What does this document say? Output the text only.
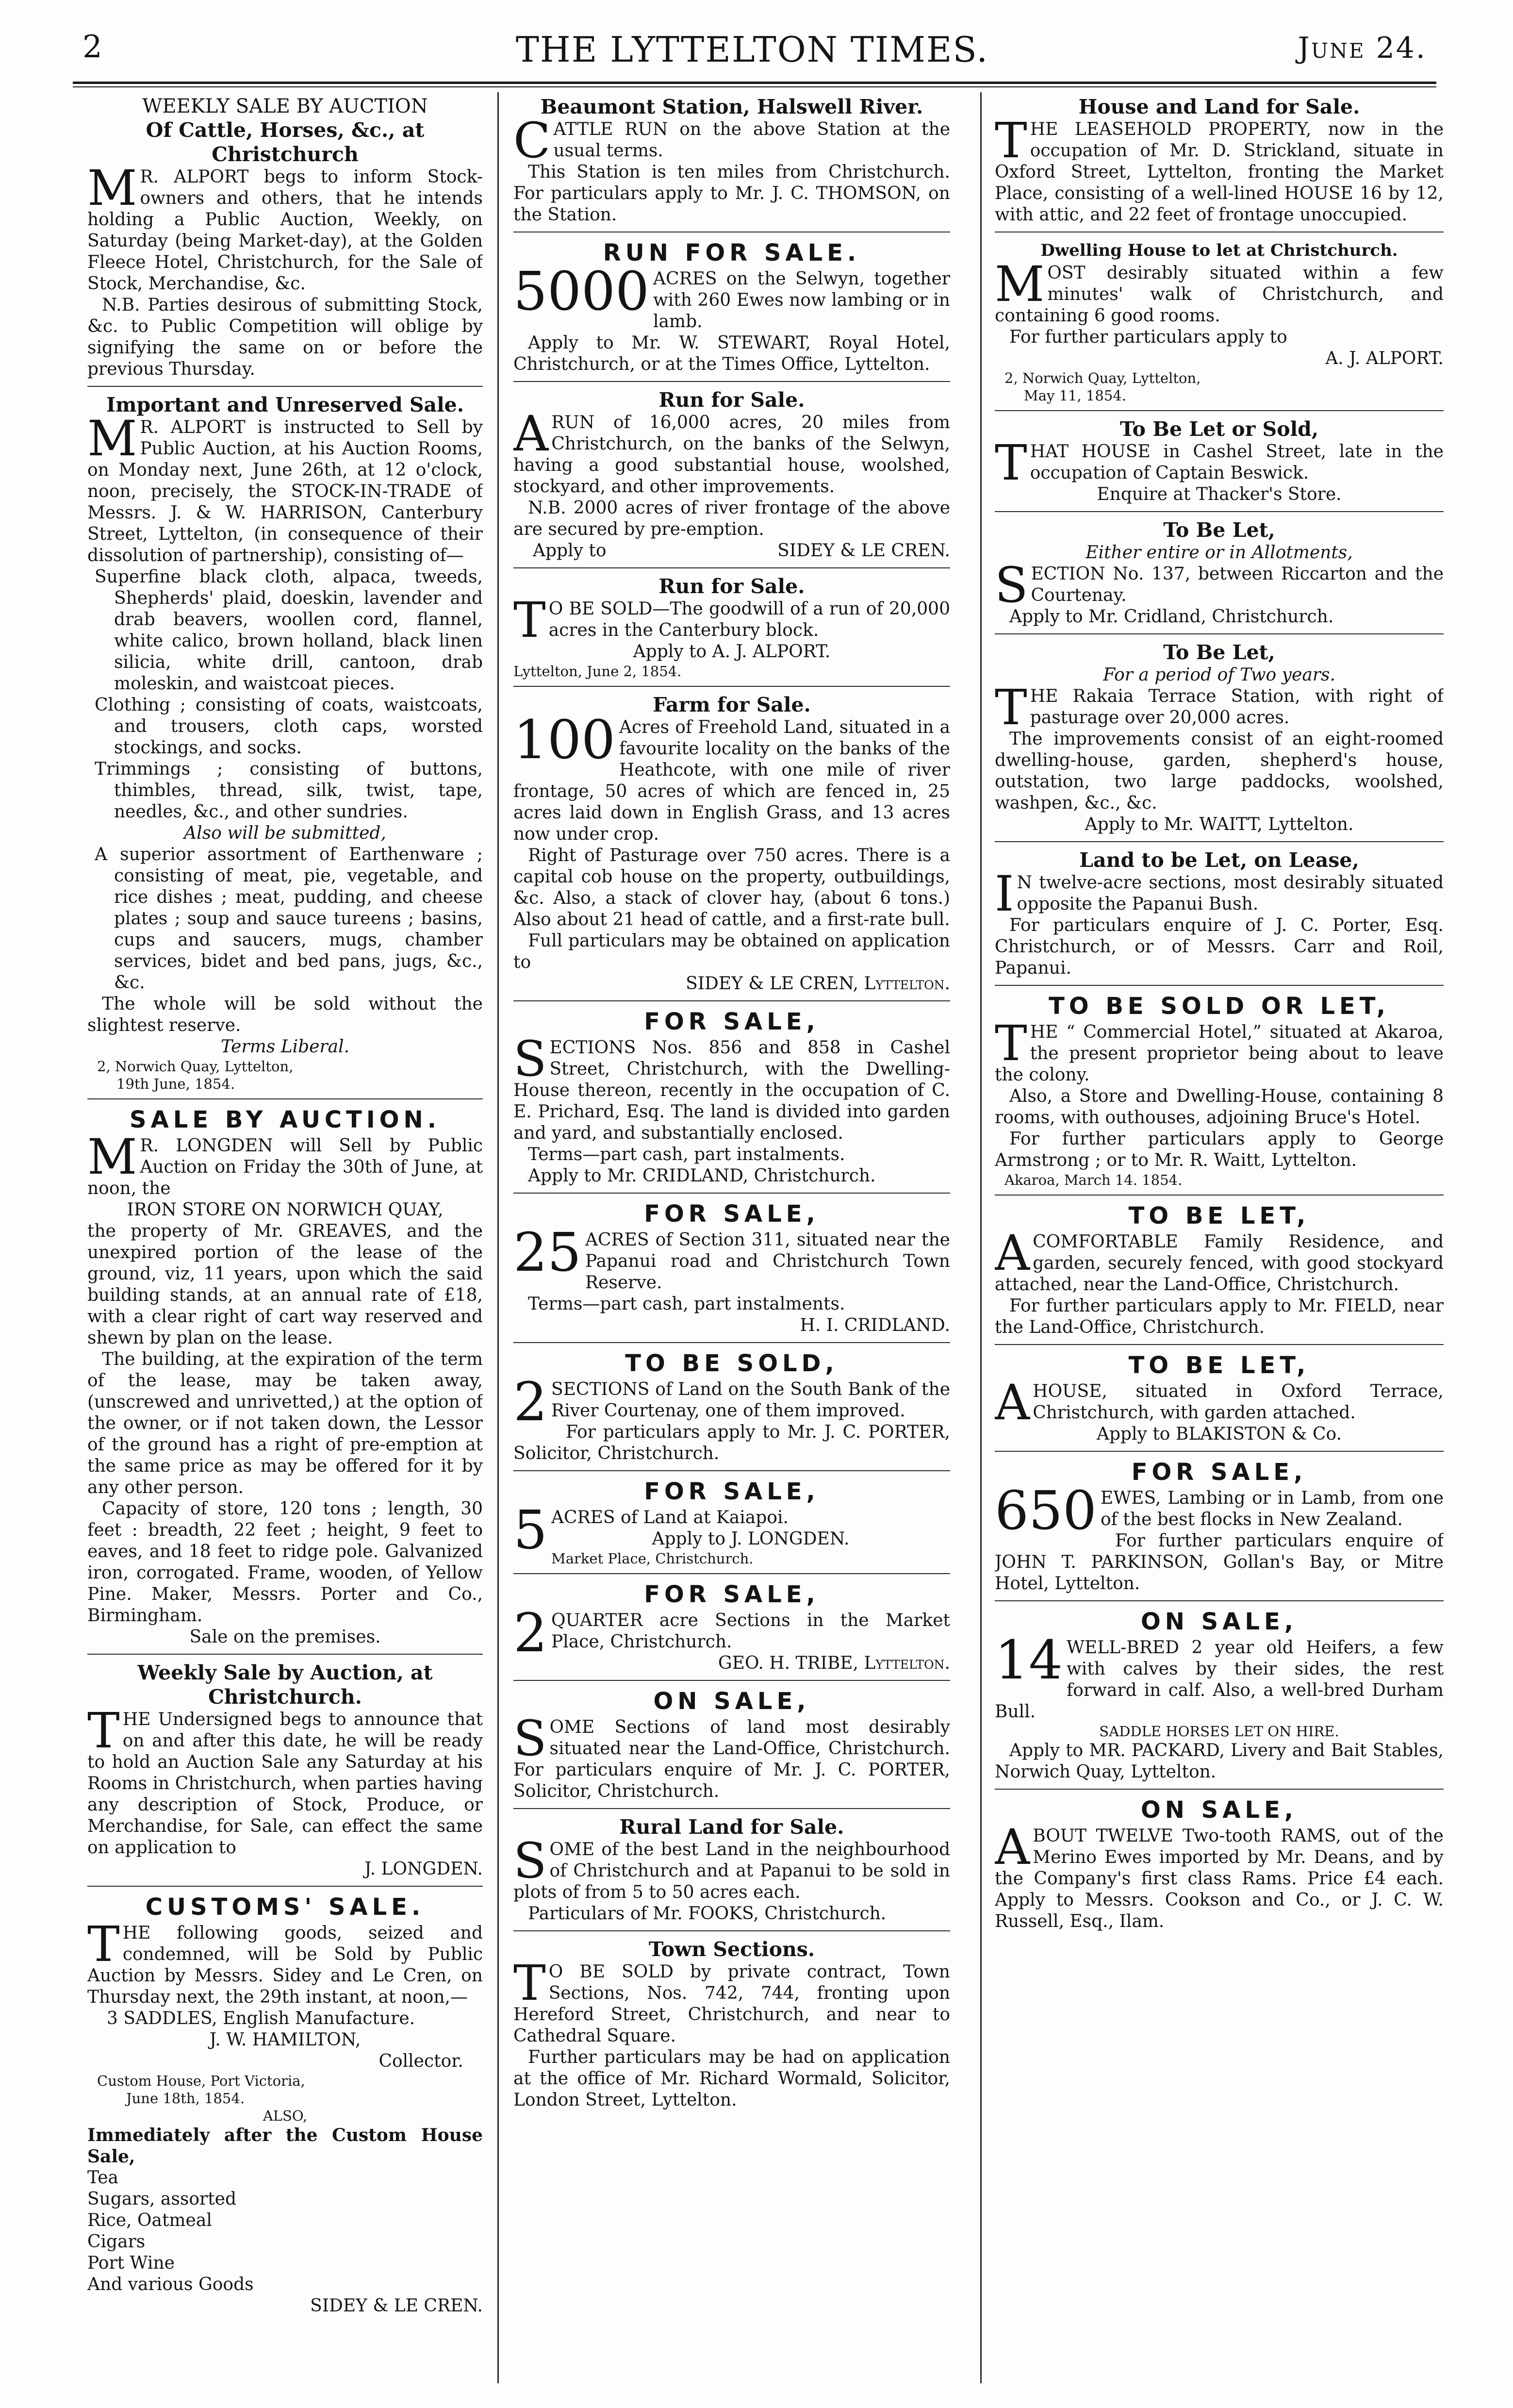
2	THE LYTTELTON TIMES.	June 24.
WEEKLY SALE BY AUCTION
Of Cattle, Horses, &c., at Christchurch

M R. ALPORT begs to inform Stock-owners and others, that he intends holding a Public Auction, Weekly, on Saturday (being Market-day), at the Golden Fleece Hotel, Christchurch, for the Sale of Stock, Merchandise, &c.

N.B. Parties desirous of submitting Stock, &c. to Public Competition will oblige by signifying the same on or before the previous Thursday.

Important and Unreserved Sale.

M R. ALPORT is instructed to Sell by Public Auction, at his Auction Rooms, on Monday next, June 26th, at 12 o'clock, noon, precisely, the STOCK-IN-TRADE of Messrs. J. & W. HARRISON, Canterbury Street, Lyttelton, (in consequence of their dissolution of partnership), consisting of—

Superfine black cloth, alpaca, tweeds, Shepherds' plaid, doeskin, lavender and drab beavers, woollen cord, flannel, white calico, brown holland, black linen silicia, white drill, cantoon, drab moleskin, and waistcoat pieces.

Clothing ; consisting of coats, waistcoats, and trousers, cloth caps, worsted stockings, and socks.

Trimmings ; consisting of buttons, thimbles, thread, silk, twist, tape, needles, &c., and other sundries.

Also will be submitted,

A superior assortment of Earthenware ; consisting of meat, pie, vegetable, and rice dishes ; meat, pudding, and cheese plates ; soup and sauce tureens ; basins, cups and saucers, mugs, chamber services, bidet and bed pans, jugs, &c., &c.

The whole will be sold without the slightest reserve.

Terms Liberal.

2, Norwich Quay, Lyttelton,

19th June, 1854.

SALE BY AUCTION.

M R. LONGDEN will Sell by Public Auction on Friday the 30th of June, at noon, the

IRON STORE ON NORWICH QUAY,

the property of Mr. GREAVES, and the unexpired portion of the lease of the ground, viz, 11 years, upon which the said building stands, at an annual rate of £18, with a clear right of cart way reserved and shewn by plan on the lease.

The building, at the expiration of the term of the lease, may be taken away, (unscrewed and unrivetted,) at the option of the owner, or if not taken down, the Lessor of the ground has a right of pre-emption at the same price as may be offered for it by any other person.

Capacity of store, 120 tons ; length, 30 feet : breadth, 22 feet ; height, 9 feet to eaves, and 18 feet to ridge pole. Galvanized iron, corrogated. Frame, wooden, of Yellow Pine. Maker, Messrs. Porter and Co., Birmingham.

Sale on the premises.

Weekly Sale by Auction, at Christchurch.

THE Undersigned begs to announce that on and after this date, he will be ready to hold an Auction Sale any Saturday at his Rooms in Christchurch, when parties having any description of Stock, Produce, or Merchandise, for Sale, can effect the same on application to

J. LONGDEN.

CUSTOMS' SALE.

THE following goods, seized and condemned, will be Sold by Public Auction by Messrs. Sidey and Le Cren, on Thursday next, the 29th instant, at noon,—

3 SADDLES, English Manufacture.

J. W. HAMILTON,

Collector.

Custom House, Port Victoria,

June 18th, 1854.

ALSO,

Immediately after the Custom House Sale,

Tea

Sugars, assorted

Rice, Oatmeal

Cigars

Port Wine

And various Goods

SIDEY & LE CREN.

Beaumont Station, Halswell River.

CATTLE RUN on the above Station at the usual terms.

This Station is ten miles from Christchurch. For particulars apply to Mr. J. C. THOMSON, on the Station.

RUN FOR SALE.

5000 ACRES on the Selwyn, together with 260 Ewes now lambing or in lamb.

Apply to Mr. W. STEWART, Royal Hotel, Christchurch, or at the Times Office, Lyttelton.

Run for Sale.

ARUN of 16,000 acres, 20 miles from Christchurch, on the banks of the Selwyn, having a good substantial house, woolshed, stockyard, and other improvements.

N.B. 2000 acres of river frontage of the above are secured by pre-emption.

Apply to	SIDEY & LE CREN.

Run for Sale.

T O BE SOLD—The goodwill of a run of 20,000 acres in the Canterbury block.

Apply to A. J. ALPORT.

Lyttelton, June 2, 1854.

Farm for Sale.

100 Acres of Freehold Land, situated in a favourite locality on the banks of the Heathcote, with one mile of river frontage, 50 acres of which are fenced in, 25 acres laid down in English Grass, and 13 acres now under crop.

Right of Pasturage over 750 acres. There is a capital cob house on the property, outbuildings, &c. Also, a stack of clover hay, (about 6 tons.) Also about 21 head of cattle, and a first-rate bull.

Full particulars may be obtained on application to

SIDEY & LE CREN, Lyttelton.

FOR SALE,

SECTIONS Nos. 856 and 858 in Cashel Street, Christchurch, with the Dwelling-House thereon, recently in the occupation of C. E. Prichard, Esq. The land is divided into garden and yard, and substantially enclosed.

Terms—part cash, part instalments.

Apply to Mr. CRIDLAND, Christchurch.

FOR SALE,

25 ACRES of Section 311, situated near the Papanui road and Christchurch Town Reserve.

Terms—part cash, part instalments.

H. I. CRIDLAND.

TO BE SOLD,

2 SECTIONS of Land on the South Bank of the River Courtenay, one of them improved.

For particulars apply to Mr. J. C. PORTER, Solicitor, Christchurch.

FOR SALE,

5 ACRES of Land at Kaiapoi.

Apply to J. LONGDEN.

Market Place, Christchurch.

FOR SALE,

2 QUARTER acre Sections in the Market Place, Christchurch.

GEO. H. TRIBE, Lyttelton.

ON SALE,

SOME Sections of land most desirably situated near the Land-Office, Christchurch. For particulars enquire of Mr. J. C. PORTER, Solicitor, Christchurch.

Rural Land for Sale.

SOME of the best Land in the neighbourhood of Christchurch and at Papanui to be sold in plots of from 5 to 50 acres each.

Particulars of Mr. FOOKS, Christchurch.

Town Sections.

T O BE SOLD by private contract, Town Sections, Nos. 742, 744, fronting upon Hereford Street, Christchurch, and near to Cathedral Square.

Further particulars may be had on application at the office of Mr. Richard Wormald, Solicitor, London Street, Lyttelton.

House and Land for Sale.

THE LEASEHOLD PROPERTY, now in the occupation of Mr. D. Strickland, situate in Oxford Street, Lyttelton, fronting the Market Place, consisting of a well-lined HOUSE 16 by 12, with attic, and 22 feet of frontage unoccupied.

Dwelling House to let at Christchurch.

MOST desirably situated within a few minutes' walk of Christchurch, and containing 6 good rooms.

For further particulars apply to

A. J. ALPORT.

2, Norwich Quay, Lyttelton,

May 11, 1854.

To Be Let or Sold,

THAT HOUSE in Cashel Street, late in the occupation of Captain Beswick.

Enquire at Thacker's Store.

To Be Let,

Either entire or in Allotments,

SECTION No. 137, between Riccarton and the Courtenay.

Apply to Mr. Cridland, Christchurch.

To Be Let,

For a period of Two years.

THE Rakaia Terrace Station, with right of pasturage over 20,000 acres.

The improvements consist of an eight-roomed dwelling-house, garden, shepherd's house, outstation, two large paddocks, woolshed, washpen, &c., &c.

Apply to Mr. WAITT, Lyttelton.

Land to be Let, on Lease,

I N twelve-acre sections, most desirably situated opposite the Papanui Bush.

For particulars enquire of J. C. Porter, Esq. Christchurch, or of Messrs. Carr and Roil, Papanui.

TO BE SOLD OR LET,

THE “ Commercial Hotel,” situated at Akaroa, the present proprietor being about to leave the colony.

Also, a Store and Dwelling-House, containing 8 rooms, with outhouses, adjoining Bruce's Hotel.

For further particulars apply to George Armstrong ; or to Mr. R. Waitt, Lyttelton.

Akaroa, March 14. 1854.

TO BE LET,

ACOMFORTABLE Family Residence, and garden, securely fenced, with good stockyard attached, near the Land-Office, Christchurch.

For further particulars apply to Mr. FIELD, near the Land-Office, Christchurch.

TO BE LET,

AHOUSE, situated in Oxford Terrace, Christchurch, with garden attached.

Apply to BLAKISTON & Co.

FOR SALE,

650 EWES, Lambing or in Lamb, from one of the best flocks in New Zealand.

For further particulars enquire of JOHN T. PARKINSON, Gollan's Bay, or Mitre Hotel, Lyttelton.

ON SALE,

14 WELL-BRED 2 year old Heifers, a few with calves by their sides, the rest forward in calf. Also, a well-bred Durham Bull.

SADDLE HORSES LET ON HIRE.

Apply to MR. PACKARD, Livery and Bait Stables, Norwich Quay, Lyttelton.

ON SALE,

ABOUT TWELVE Two-tooth RAMS, out of the Merino Ewes imported by Mr. Deans, and by the Company's first class Rams. Price £4 each. Apply to Messrs. Cookson and Co., or J. C. W. Russell, Esq., Ilam.
